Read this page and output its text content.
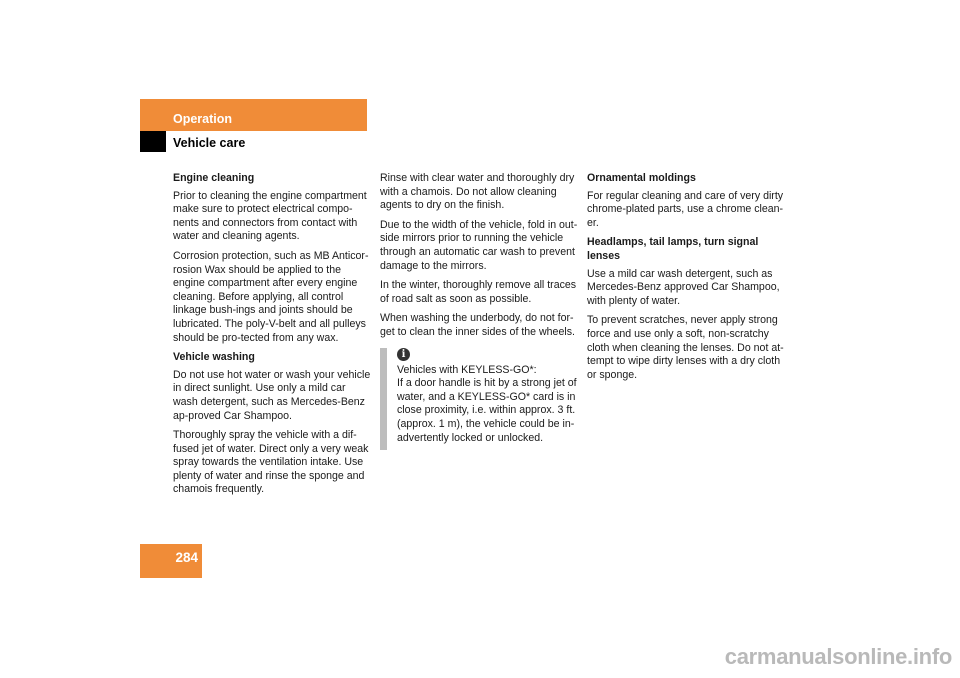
Operation
Vehicle care
Engine cleaning

Prior to cleaning the engine compartment make sure to protect electrical compo-nents and connectors from contact with water and cleaning agents.

Corrosion protection, such as MB Anticor-rosion Wax should be applied to the engine compartment after every engine cleaning. Before applying, all control linkage bush-ings and joints should be lubricated. The poly-V-belt and all pulleys should be pro-tected from any wax.

Vehicle washing

Do not use hot water or wash your vehicle in direct sunlight. Use only a mild car wash detergent, such as Mercedes-Benz ap-proved Car Shampoo.

Thoroughly spray the vehicle with a dif-fused jet of water. Direct only a very weak spray towards the ventilation intake. Use plenty of water and rinse the sponge and chamois frequently.

Rinse with clear water and thoroughly dry with a chamois. Do not allow cleaning agents to dry on the finish.

Due to the width of the vehicle, fold in out-side mirrors prior to running the vehicle through an automatic car wash to prevent damage to the mirrors.

In the winter, thoroughly remove all traces of road salt as soon as possible.

When washing the underbody, do not for-get to clean the inner sides of the wheels.

i

Vehicles with KEYLESS-GO*:

If a door handle is hit by a strong jet of water, and a KEYLESS-GO* card is in close proximity, i.e. within approx. 3 ft. (approx. 1 m), the vehicle could be in-advertently locked or unlocked.

Ornamental moldings

For regular cleaning and care of very dirty chrome-plated parts, use a chrome clean-er.

Headlamps, tail lamps, turn signal lenses

Use a mild car wash detergent, such as Mercedes-Benz approved Car Shampoo, with plenty of water.

To prevent scratches, never apply strong force and use only a soft, non-scratchy cloth when cleaning the lenses. Do not at-tempt to wipe dirty lenses with a dry cloth or sponge.

284
carmanualsonline.info
